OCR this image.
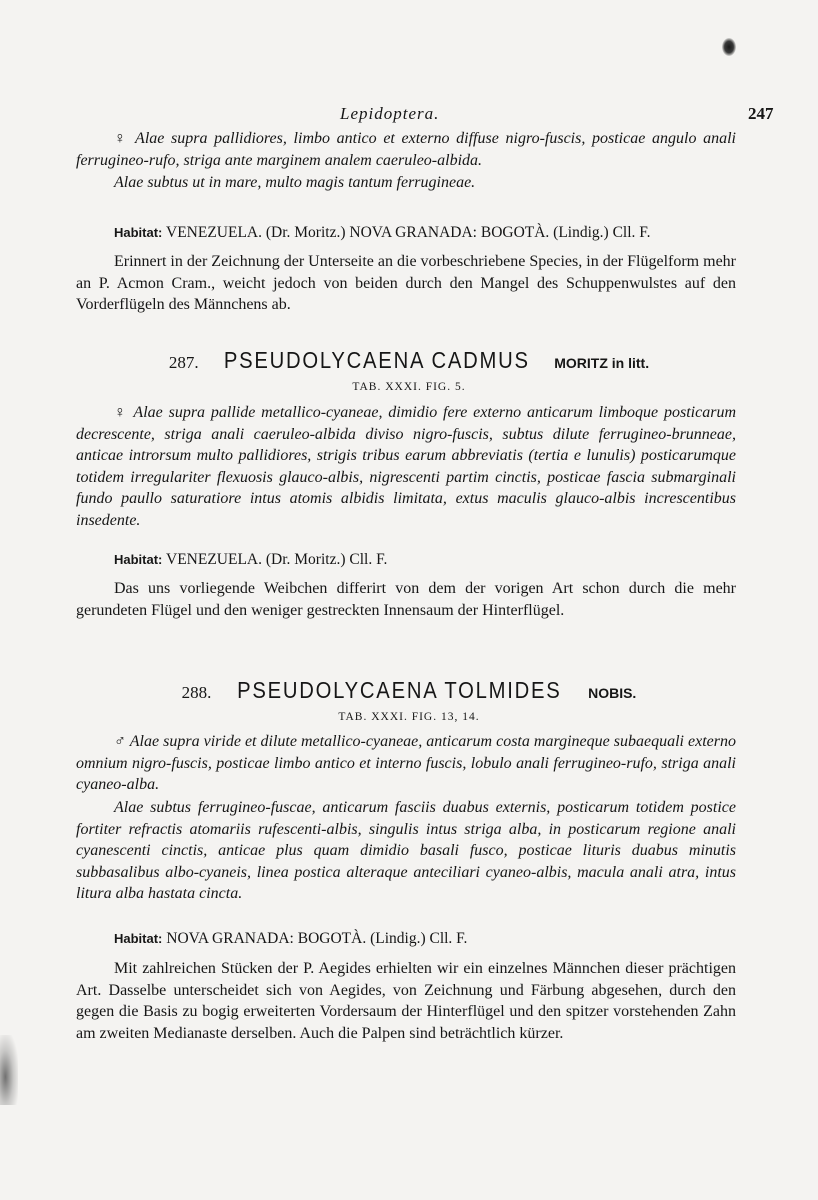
Lepidoptera.	247

♀ Alae supra pallidiores, limbo antico et externo diffuse nigro-fuscis, posticae angulo anali ferrugineo-rufo, striga ante marginem analem caeruleo-albida.

Alae subtus ut in mare, multo magis tantum ferrugineae.

Habitat: VENEZUELA. (Dr. Moritz.) NOVA GRANADA: BOGOTÀ. (Lindig.) Cll. F.

Erinnert in der Zeichnung der Unterseite an die vorbeschriebene Species, in der Flügelform mehr an P. Acmon Cram., weicht jedoch von beiden durch den Mangel des Schuppenwulstes auf den Vorderflügeln des Männchens ab.

287. PSEUDOLYCAENA CADMUS MORITZ in litt.
TAB. XXXI. FIG. 5.

♀ Alae supra pallide metallico-cyaneae, dimidio fere externo anticarum limboque posticarum decrescente, striga anali caeruleo-albida diviso nigro-fuscis, subtus dilute ferrugineo-brunneae, anticae introrsum multo pallidiores, strigis tribus earum abbreviatis (tertia e lunulis) posticarumque totidem irregulariter flexuosis glauco-albis, nigrescenti partim cinctis, posticae fascia submarginali fundo paullo saturatiore intus atomis albidis limitata, extus maculis glauco-albis increscentibus insedente.

Habitat: VENEZUELA. (Dr. Moritz.) Cll. F.

Das uns vorliegende Weibchen differirt von dem der vorigen Art schon durch die mehr gerundeten Flügel und den weniger gestreckten Innensaum der Hinterflügel.

288. PSEUDOLYCAENA TOLMIDES NOBIS.
TAB. XXXI. FIG. 13, 14.

♂ Alae supra viride et dilute metallico-cyaneae, anticarum costa margineque subaequali externo omnium nigro-fuscis, posticae limbo antico et interno fuscis, lobulo anali ferrugineo-rufo, striga anali cyaneo-alba.

Alae subtus ferrugineo-fuscae, anticarum fasciis duabus externis, posticarum totidem postice fortiter refractis atomariis rufescenti-albis, singulis intus striga alba, in posticarum regione anali cyanescenti cinctis, anticae plus quam dimidio basali fusco, posticae lituris duabus minutis subbasalibus albo-cyaneis, linea postica alteraque anteciliari cyaneo-albis, macula anali atra, intus litura alba hastata cincta.

Habitat: NOVA GRANADA: BOGOTÀ. (Lindig.) Cll. F.

Mit zahlreichen Stücken der P. Aegides erhielten wir ein einzelnes Männchen dieser prächtigen Art. Dasselbe unterscheidet sich von Aegides, von Zeichnung und Färbung abgesehen, durch den gegen die Basis zu bogig erweiterten Vordersaum der Hinterflügel und den spitzer vorstehenden Zahn am zweiten Medianaste derselben. Auch die Palpen sind beträchtlich kürzer.
